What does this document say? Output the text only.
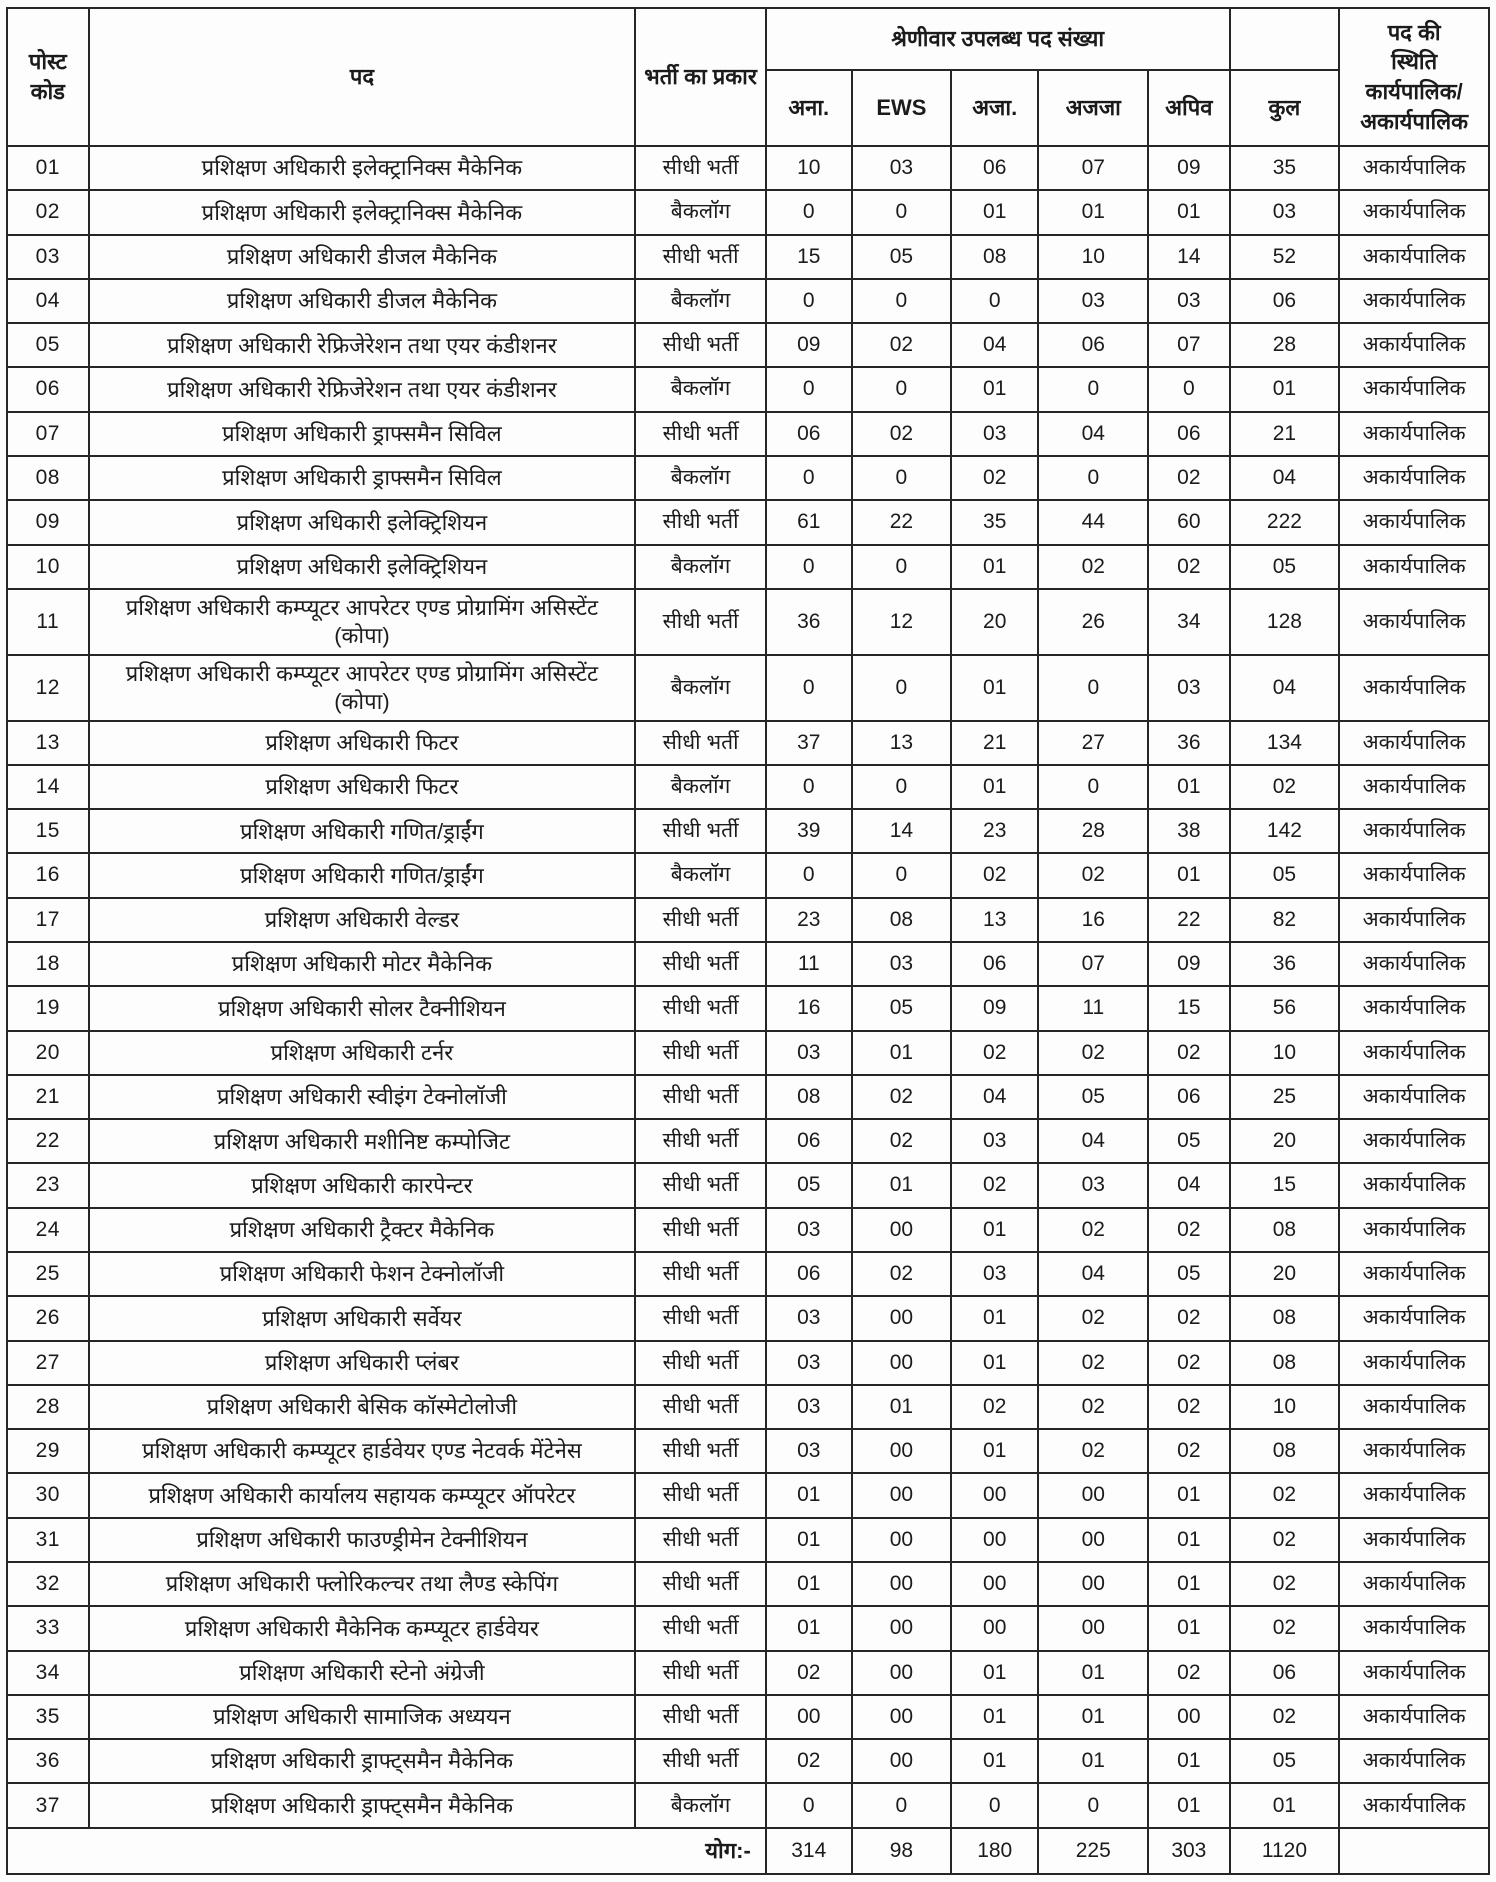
पोस्ट कोड	पद	भर्ती का प्रकार	श्रेणीवार उपलब्ध पद संख्या						पद की
स्थिति
कार्यपालिक/
अकार्यपालिक

			अना.	EWS	अजा.	अजजा	अपिव	कुल	
01	प्रशिक्षण अधिकारी इलेक्ट्रानिक्स मैकेनिक	सीधी भर्ती	10	03	06	07	09	35	अकार्यपालिक
02	प्रशिक्षण अधिकारी इलेक्ट्रानिक्स मैकेनिक	बैकलॉग	0	0	01	01	01	03	अकार्यपालिक
03	प्रशिक्षण अधिकारी डीजल मैकेनिक	सीधी भर्ती	15	05	08	10	14	52	अकार्यपालिक
04	प्रशिक्षण अधिकारी डीजल मैकेनिक	बैकलॉग	0	0	0	03	03	06	अकार्यपालिक
05	प्रशिक्षण अधिकारी रेफ्रिजेरेशन तथा एयर कंडीशनर	सीधी भर्ती	09	02	04	06	07	28	अकार्यपालिक
06	प्रशिक्षण अधिकारी रेफ्रिजेरेशन तथा एयर कंडीशनर	बैकलॉग	0	0	01	0	0	01	अकार्यपालिक
07	प्रशिक्षण अधिकारी ड्राफ्समैन सिविल	सीधी भर्ती	06	02	03	04	06	21	अकार्यपालिक
08	प्रशिक्षण अधिकारी ड्राफ्समैन सिविल	बैकलॉग	0	0	02	0	02	04	अकार्यपालिक
09	प्रशिक्षण अधिकारी इलेक्ट्रिशियन	सीधी भर्ती	61	22	35	44	60	222	अकार्यपालिक
10	प्रशिक्षण अधिकारी इलेक्ट्रिशियन	बैकलॉग	0	0	01	02	02	05	अकार्यपालिक
11	प्रशिक्षण अधिकारी कम्प्यूटर आपरेटर एण्ड प्रोग्रामिंग असिस्टेंट (कोपा)	सीधी भर्ती	36	12	20	26	34	128	अकार्यपालिक
12	प्रशिक्षण अधिकारी कम्प्यूटर आपरेटर एण्ड प्रोग्रामिंग असिस्टेंट (कोपा)	बैकलॉग	0	0	01	0	03	04	अकार्यपालिक
13	प्रशिक्षण अधिकारी फिटर	सीधी भर्ती	37	13	21	27	36	134	अकार्यपालिक
14	प्रशिक्षण अधिकारी फिटर	बैकलॉग	0	0	01	0	01	02	अकार्यपालिक
15	प्रशिक्षण अधिकारी गणित/ड्राईंग	सीधी भर्ती	39	14	23	28	38	142	अकार्यपालिक
16	प्रशिक्षण अधिकारी गणित/ड्राईंग	बैकलॉग	0	0	02	02	01	05	अकार्यपालिक
17	प्रशिक्षण अधिकारी वेल्डर	सीधी भर्ती	23	08	13	16	22	82	अकार्यपालिक
18	प्रशिक्षण अधिकारी मोटर मैकेनिक	सीधी भर्ती	11	03	06	07	09	36	अकार्यपालिक
19	प्रशिक्षण अधिकारी सोलर टैक्नीशियन	सीधी भर्ती	16	05	09	11	15	56	अकार्यपालिक
20	प्रशिक्षण अधिकारी टर्नर	सीधी भर्ती	03	01	02	02	02	10	अकार्यपालिक
21	प्रशिक्षण अधिकारी स्वीइंग टेक्नोलॉजी	सीधी भर्ती	08	02	04	05	06	25	अकार्यपालिक
22	प्रशिक्षण अधिकारी मशीनिष्ट कम्पोजिट	सीधी भर्ती	06	02	03	04	05	20	अकार्यपालिक
23	प्रशिक्षण अधिकारी कारपेन्टर	सीधी भर्ती	05	01	02	03	04	15	अकार्यपालिक
24	प्रशिक्षण अधिकारी ट्रैक्टर मैकेनिक	सीधी भर्ती	03	00	01	02	02	08	अकार्यपालिक
25	प्रशिक्षण अधिकारी फेशन टेक्नोलॉजी	सीधी भर्ती	06	02	03	04	05	20	अकार्यपालिक
26	प्रशिक्षण अधिकारी सर्वेयर	सीधी भर्ती	03	00	01	02	02	08	अकार्यपालिक
27	प्रशिक्षण अधिकारी प्लंबर	सीधी भर्ती	03	00	01	02	02	08	अकार्यपालिक
28	प्रशिक्षण अधिकारी बेसिक कॉस्मेटोलोजी	सीधी भर्ती	03	01	02	02	02	10	अकार्यपालिक
29	प्रशिक्षण अधिकारी कम्प्यूटर हार्डवेयर एण्ड नेटवर्क मेंटेनेस	सीधी भर्ती	03	00	01	02	02	08	अकार्यपालिक
30	प्रशिक्षण अधिकारी कार्यालय सहायक कम्प्यूटर ऑपरेटर	सीधी भर्ती	01	00	00	00	01	02	अकार्यपालिक
31	प्रशिक्षण अधिकारी फाउण्ड्रीमेन टेक्नीशियन	सीधी भर्ती	01	00	00	00	01	02	अकार्यपालिक
32	प्रशिक्षण अधिकारी फ्लोरिकल्चर तथा लैण्ड स्केपिंग	सीधी भर्ती	01	00	00	00	01	02	अकार्यपालिक
33	प्रशिक्षण अधिकारी मैकेनिक कम्प्यूटर हार्डवेयर	सीधी भर्ती	01	00	00	00	01	02	अकार्यपालिक
34	प्रशिक्षण अधिकारी स्टेनो अंग्रेजी	सीधी भर्ती	02	00	01	01	02	06	अकार्यपालिक
35	प्रशिक्षण अधिकारी सामाजिक अध्ययन	सीधी भर्ती	00	00	01	01	00	02	अकार्यपालिक
36	प्रशिक्षण अधिकारी ड्राफ्ट्समैन मैकेनिक	सीधी भर्ती	02	00	01	01	01	05	अकार्यपालिक
37	प्रशिक्षण अधिकारी ड्राफ्ट्समैन मैकेनिक	बैकलॉग	0	0	0	0	01	01	अकार्यपालिक
योग:-			314	98	180	225	303	1120	
